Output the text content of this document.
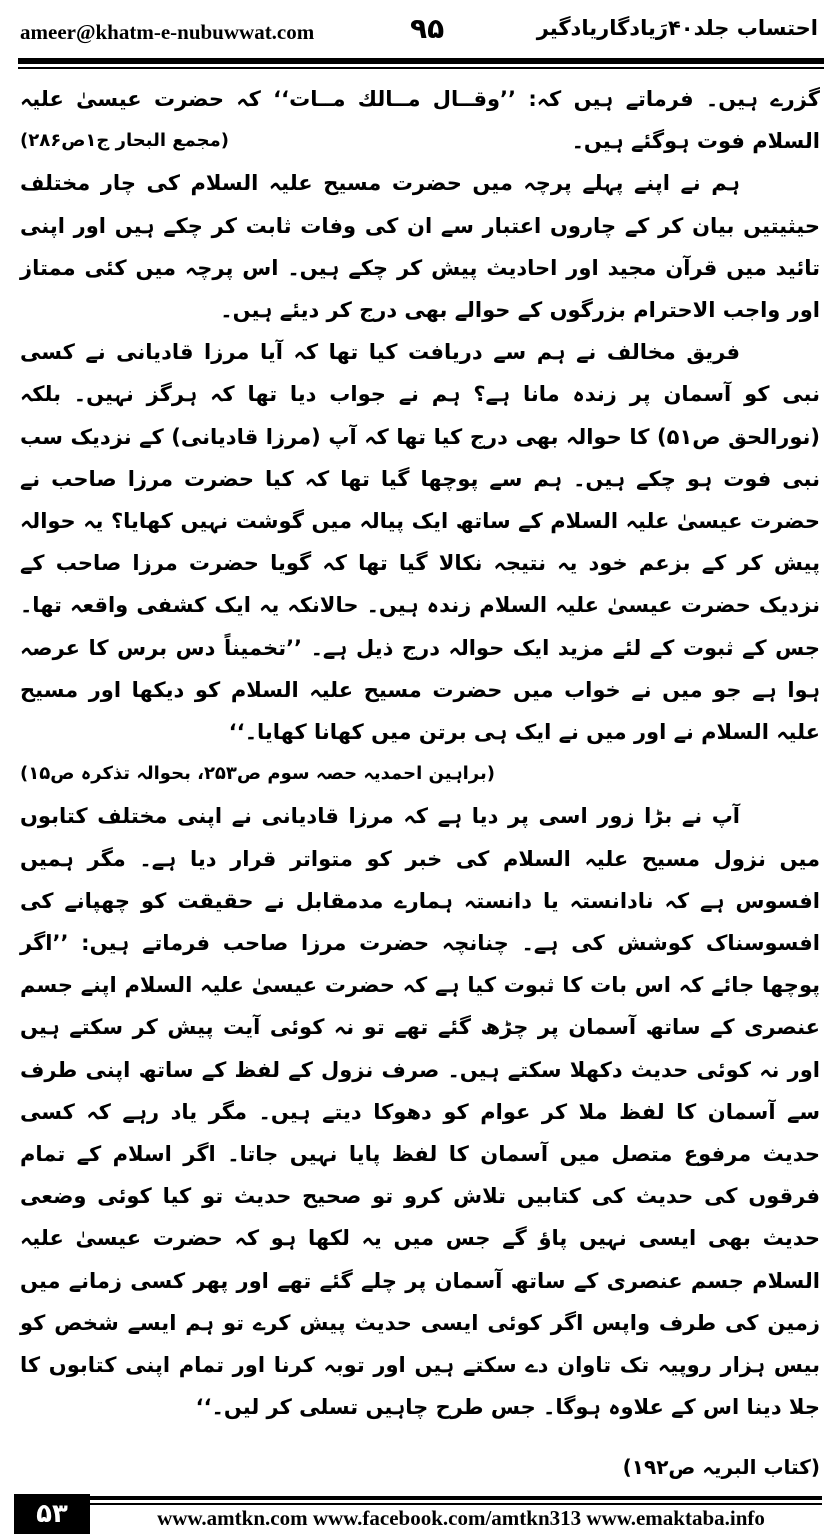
ameer@khatm-e-nubuwwat.com	۹۵	احتساب جلد۴۰رَیادگاریادگیر

گزرے ہیں۔ فرماتے ہیں کہ: ’’وقــال مــالك مــات‘‘ کہ حضرت عیسیٰ علیہ السلام فوت ہوگئے ہیں۔
(مجمع البحار ج۱ص۲۸۶)

ہم نے اپنے پہلے پرچہ میں حضرت مسیح علیہ السلام کی چار مختلف حیثیتیں بیان کر کے چاروں اعتبار سے ان کی وفات ثابت کر چکے ہیں اور اپنی تائید میں قرآن مجید اور احادیث پیش کر چکے ہیں۔ اس پرچہ میں کئی ممتاز اور واجب الاحترام بزرگوں کے حوالے بھی درج کر دیئے ہیں۔

فریق مخالف نے ہم سے دریافت کیا تھا کہ آیا مرزا قادیانی نے کسی نبی کو آسمان پر زندہ مانا ہے؟ ہم نے جواب دیا تھا کہ ہرگز نہیں۔ بلکہ (نورالحق ص۵۱) کا حوالہ بھی درج کیا تھا کہ آپ (مرزا قادیانی) کے نزدیک سب نبی فوت ہو چکے ہیں۔ ہم سے پوچھا گیا تھا کہ کیا حضرت مرزا صاحب نے حضرت عیسیٰ علیہ السلام کے ساتھ ایک پیالہ میں گوشت نہیں کھایا؟ یہ حوالہ پیش کر کے بزعم خود یہ نتیجہ نکالا گیا تھا کہ گویا حضرت مرزا صاحب کے نزدیک حضرت عیسیٰ علیہ السلام زندہ ہیں۔ حالانکہ یہ ایک کشفی واقعہ تھا۔ جس کے ثبوت کے لئے مزید ایک حوالہ درج ذیل ہے۔ ’’تخمیناً دس برس کا عرصہ ہوا ہے جو میں نے خواب میں حضرت مسیح علیہ السلام کو دیکھا اور مسیح علیہ السلام نے اور میں نے ایک ہی برتن میں کھانا کھایا۔‘‘
(براہین احمدیہ حصہ سوم ص۲۵۳، بحوالہ تذکرہ ص۱۵)

آپ نے بڑا زور اسی پر دیا ہے کہ مرزا قادیانی نے اپنی مختلف کتابوں میں نزول مسیح علیہ السلام کی خبر کو متواتر قرار دیا ہے۔ مگر ہمیں افسوس ہے کہ نادانستہ یا دانستہ ہمارے مدمقابل نے حقیقت کو چھپانے کی افسوسناک کوشش کی ہے۔ چنانچہ حضرت مرزا صاحب فرماتے ہیں: ’’اگر پوچھا جائے کہ اس بات کا ثبوت کیا ہے کہ حضرت عیسیٰ علیہ السلام اپنے جسم عنصری کے ساتھ آسمان پر چڑھ گئے تھے تو نہ کوئی آیت پیش کر سکتے ہیں اور نہ کوئی حدیث دکھلا سکتے ہیں۔ صرف نزول کے لفظ کے ساتھ اپنی طرف سے آسمان کا لفظ ملا کر عوام کو دھوکا دیتے ہیں۔ مگر یاد رہے کہ کسی حدیث مرفوع متصل میں آسمان کا لفظ پایا نہیں جاتا۔ اگر اسلام کے تمام فرقوں کی حدیث کی کتابیں تلاش کرو تو صحیح حدیث تو کیا کوئی وضعی حدیث بھی ایسی نہیں پاؤ گے جس میں یہ لکھا ہو کہ حضرت عیسیٰ علیہ السلام جسم عنصری کے ساتھ آسمان پر چلے گئے تھے اور پھر کسی زمانے میں زمین کی طرف واپس اگر کوئی ایسی حدیث پیش کرے تو ہم ایسے شخص کو بیس ہزار روپیہ تک تاوان دے سکتے ہیں اور توبہ کرنا اور تمام اپنی کتابوں کا جلا دینا اس کے علاوہ ہوگا۔ جس طرح چاہیں تسلی کر لیں۔‘‘

(کتاب البریہ ص۱۹۲)
۵۳	www.amtkn.com www.facebook.com/amtkn313 www.emaktaba.info
